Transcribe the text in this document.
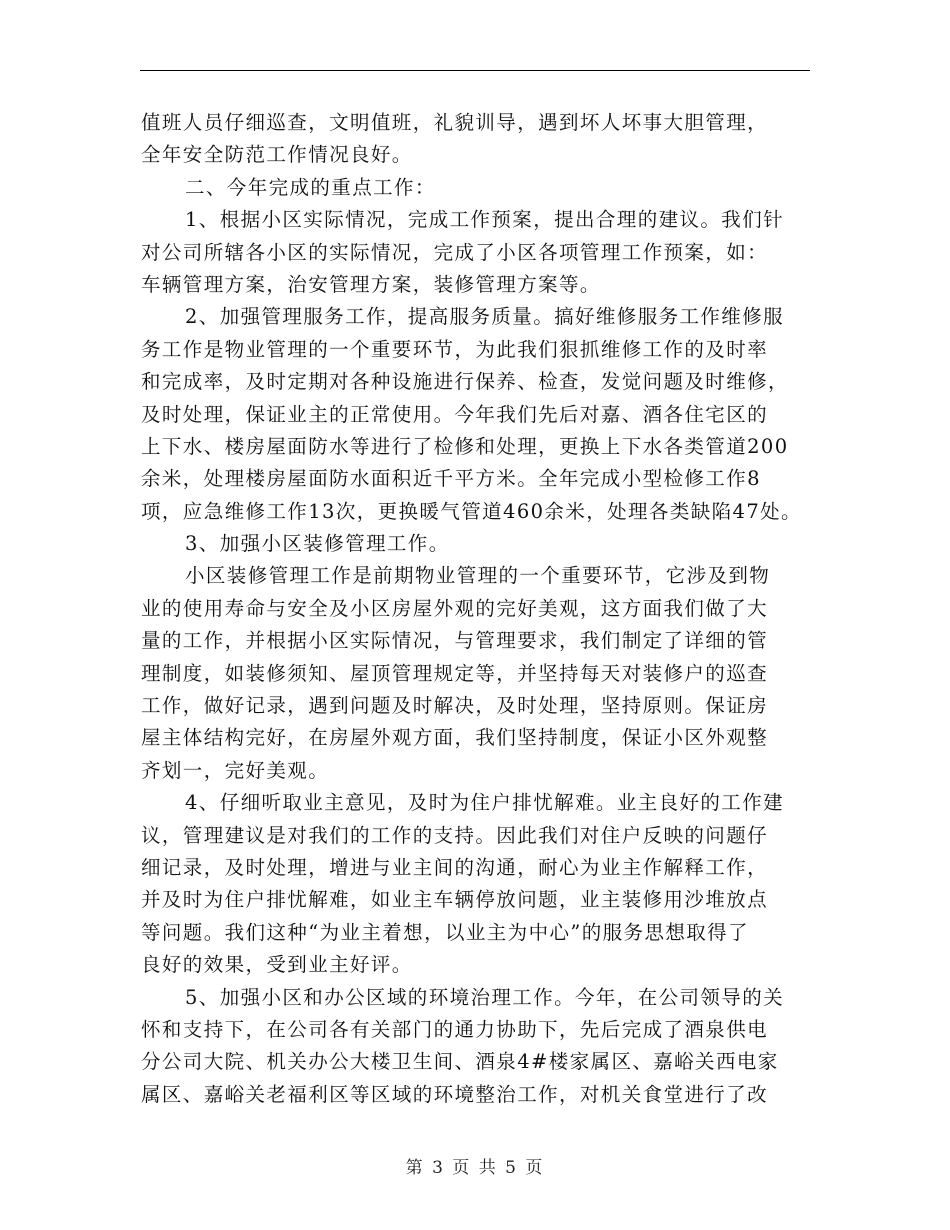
值班人员仔细巡查，文明值班，礼貌训导，遇到坏人坏事大胆管理，
全年安全防范工作情况良好。
二、今年完成的重点工作：
1、根据小区实际情况，完成工作预案，提出合理的建议。我们针
对公司所辖各小区的实际情况，完成了小区各项管理工作预案，如：
车辆管理方案，治安管理方案，装修管理方案等。
2、加强管理服务工作，提高服务质量。搞好维修服务工作维修服
务工作是物业管理的一个重要环节，为此我们狠抓维修工作的及时率
和完成率，及时定期对各种设施进行保养、检查，发觉问题及时维修，
及时处理，保证业主的正常使用。今年我们先后对嘉、酒各住宅区的
上下水、楼房屋面防水等进行了检修和处理，更换上下水各类管道200
余米，处理楼房屋面防水面积近千平方米。全年完成小型检修工作8
项，应急维修工作13次，更换暖气管道460余米，处理各类缺陷47处。
3、加强小区装修管理工作。
小区装修管理工作是前期物业管理的一个重要环节，它涉及到物
业的使用寿命与安全及小区房屋外观的完好美观，这方面我们做了大
量的工作，并根据小区实际情况，与管理要求，我们制定了详细的管
理制度，如装修须知、屋顶管理规定等，并坚持每天对装修户的巡查
工作，做好记录，遇到问题及时解决，及时处理，坚持原则。保证房
屋主体结构完好，在房屋外观方面，我们坚持制度，保证小区外观整
齐划一，完好美观。
4、仔细听取业主意见，及时为住户排忧解难。业主良好的工作建
议，管理建议是对我们的工作的支持。因此我们对住户反映的问题仔
细记录，及时处理，增进与业主间的沟通，耐心为业主作解释工作，
并及时为住户排忧解难，如业主车辆停放问题，业主装修用沙堆放点
等问题。我们这种“为业主着想，以业主为中心”的服务思想取得了
良好的效果，受到业主好评。
5、加强小区和办公区域的环境治理工作。今年，在公司领导的关
怀和支持下，在公司各有关部门的通力协助下，先后完成了酒泉供电
分公司大院、机关办公大楼卫生间、酒泉4#楼家属区、嘉峪关西电家
属区、嘉峪关老福利区等区域的环境整治工作，对机关食堂进行了改
第 3 页 共 5 页
